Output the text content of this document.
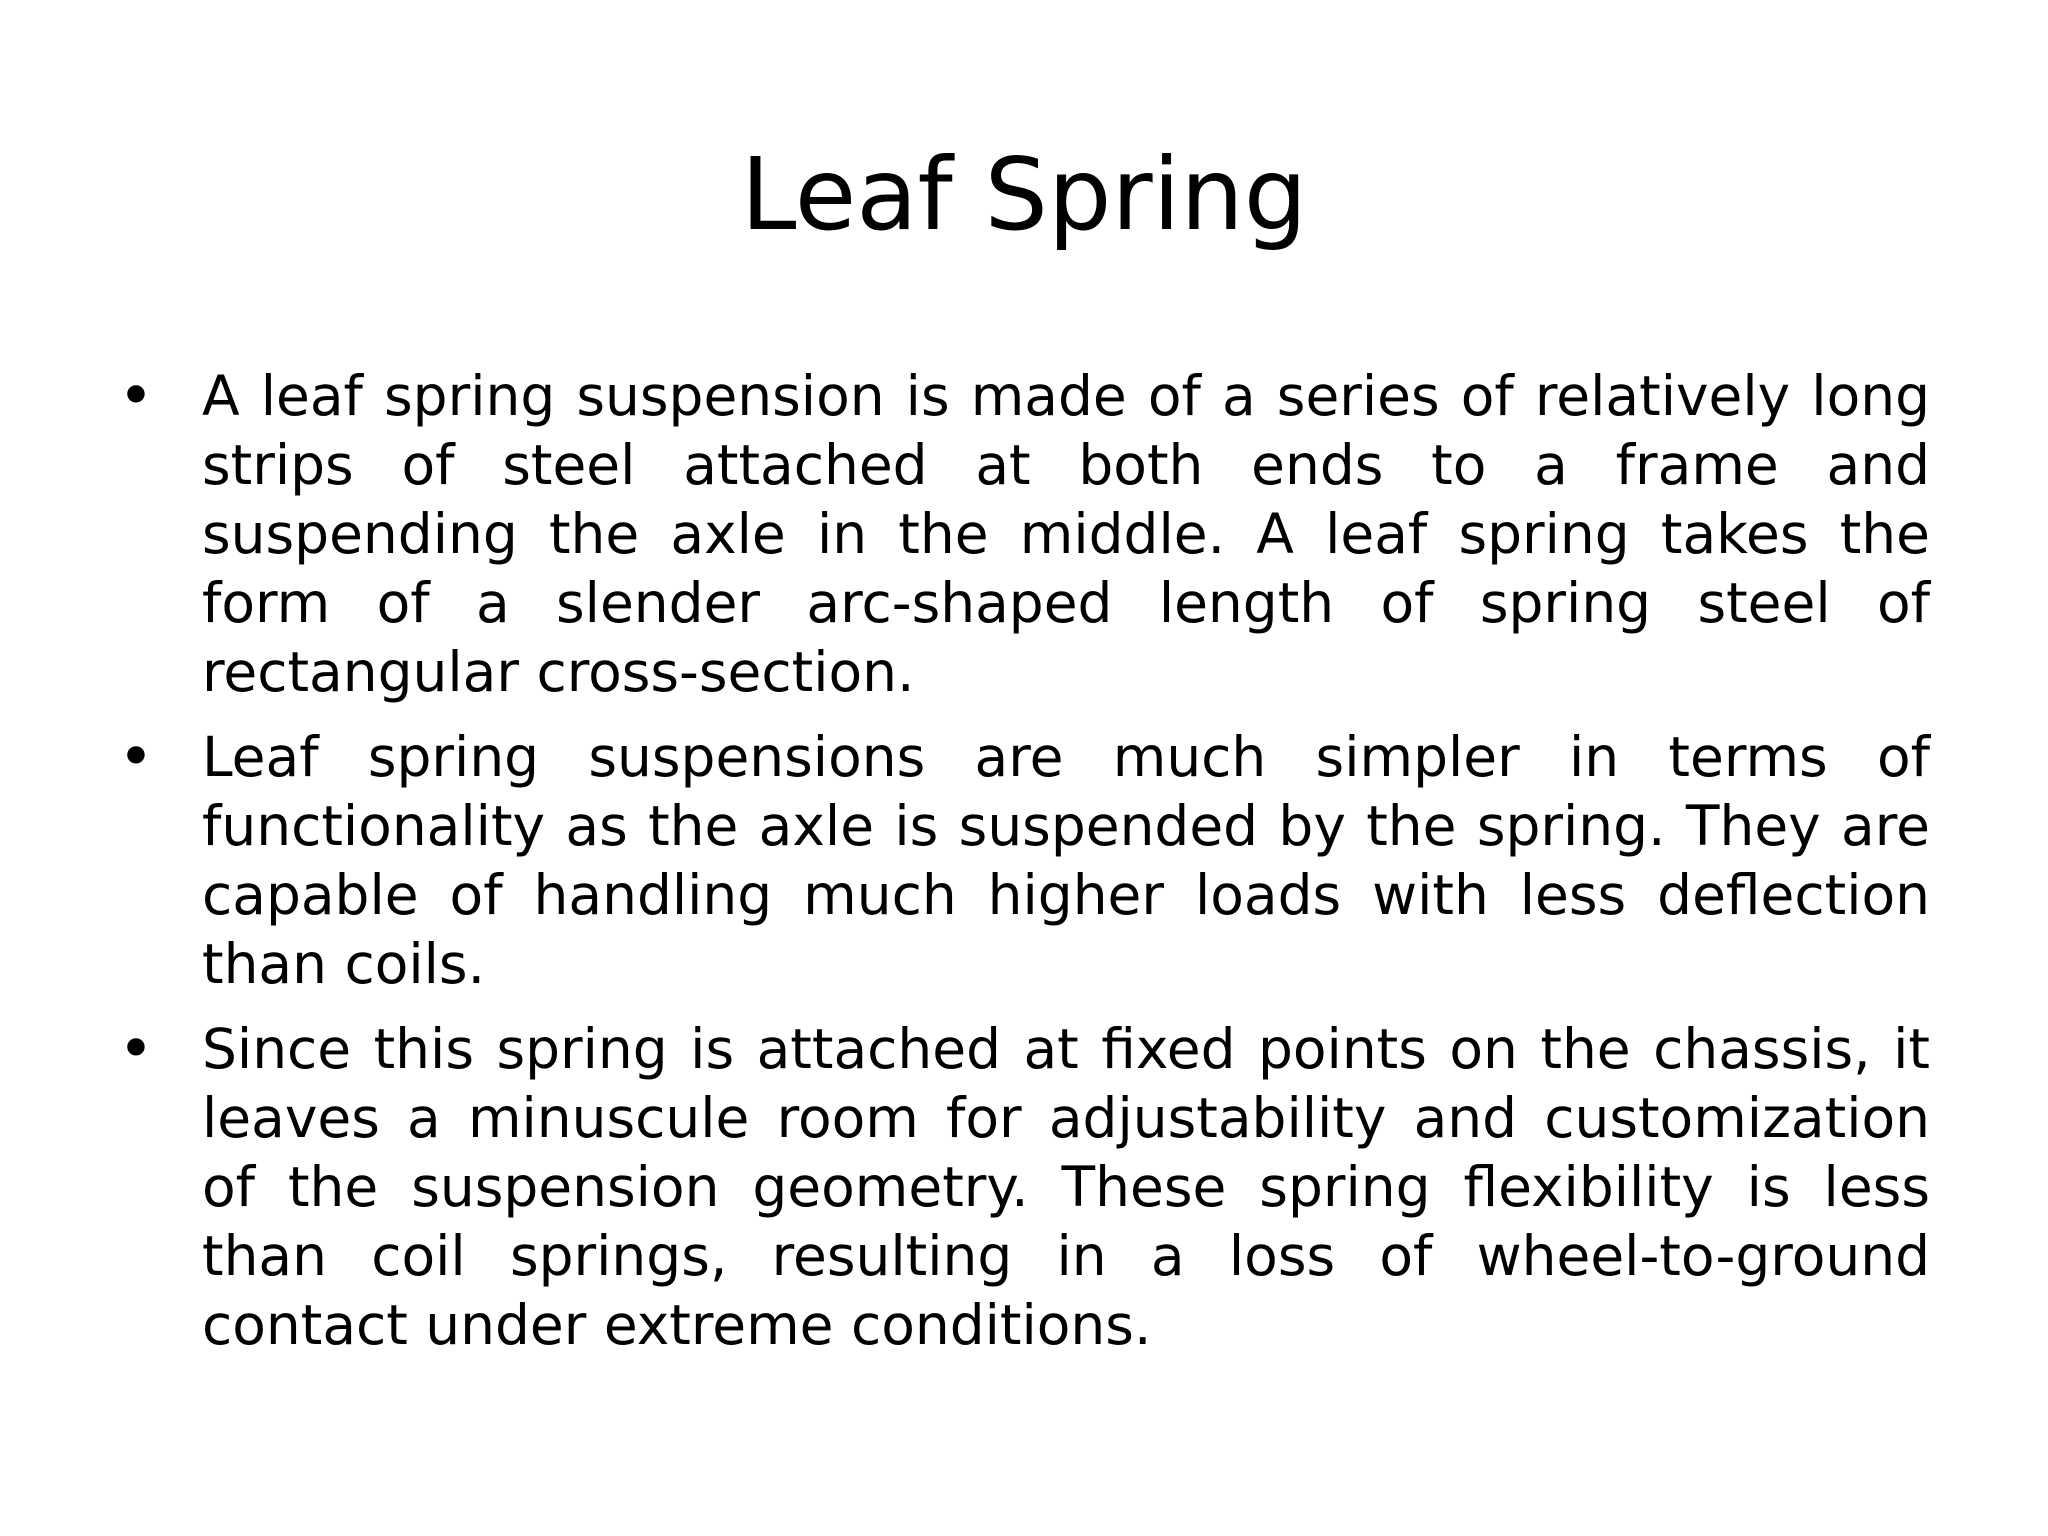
Leaf Spring
• A leaf spring suspension is made of a series of relatively long strips of steel attached at both ends to a frame and suspending the axle in the middle. A leaf spring takes the form of a slender arc-shaped length of spring steel of rectangular cross-section.
• Leaf spring suspensions are much simpler in terms of functionality as the axle is suspended by the spring. They are capable of handling much higher loads with less deflection than coils.
• Since this spring is attached at fixed points on the chassis, it leaves a minuscule room for adjustability and customization of the suspension geometry. These spring flexibility is less than coil springs, resulting in a loss of wheel-to-ground contact under extreme conditions.
